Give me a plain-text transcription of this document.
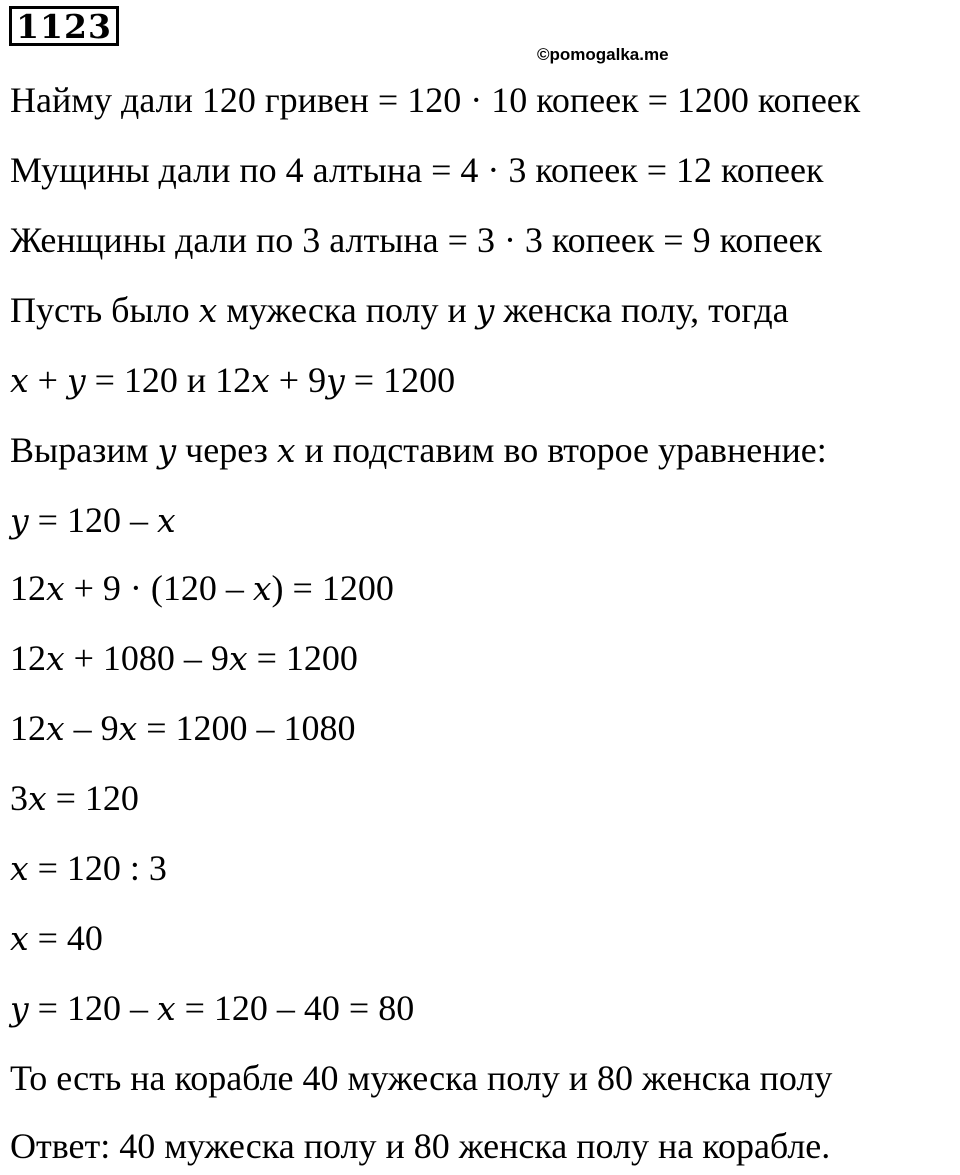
1123
©pomogalka.me
Найму дали 120 гривен = 120 · 10 копеек = 1200 копеек
Мущины дали по 4 алтына = 4 · 3 копеек = 12 копеек
Женщины дали по 3 алтына = 3 · 3 копеек = 9 копеек
Пусть было x мужеска полу и y женска полу, тогда
x + y = 120 и 12x + 9y = 1200
Выразим y через x и подставим во второе уравнение:
y = 120 – x
12x + 9 · (120 – x) = 1200
12x + 1080 – 9x = 1200
12x – 9x = 1200 – 1080
3x = 120
x = 120 : 3
x = 40
y = 120 – x = 120 – 40 = 80
То есть на корабле 40 мужеска полу и 80 женска полу
Ответ: 40 мужеска полу и 80 женска полу на корабле.
